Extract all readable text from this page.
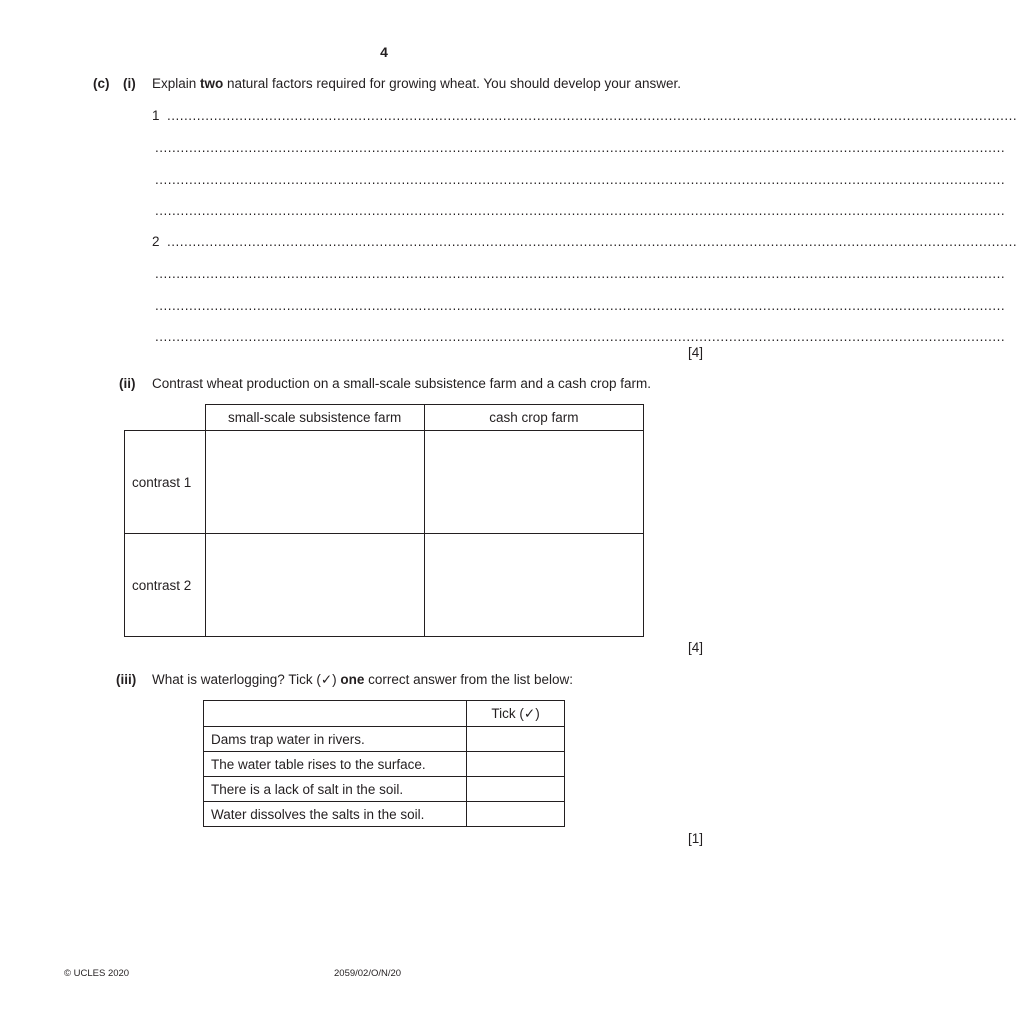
4
(c) (i) Explain two natural factors required for growing wheat. You should develop your answer.
1 ........................................................................................................................................................................................................
........................................................................................................................................................................................................
........................................................................................................................................................................................................
........................................................................................................................................................................................................
2 ........................................................................................................................................................................................................
........................................................................................................................................................................................................
........................................................................................................................................................................................................
........................................................................................................................................................................................................
[4]
(ii) Contrast wheat production on a small-scale subsistence farm and a cash crop farm.
	small-scale subsistence farm	cash crop farm
contrast 1		
contrast 2		
[4]
(iii) What is waterlogging? Tick (✓) one correct answer from the list below:
	Tick (✓)
Dams trap water in rivers.	
The water table rises to the surface.	
There is a lack of salt in the soil.	
Water dissolves the salts in the soil.	
[1]
© UCLES 2020	2059/02/O/N/20
